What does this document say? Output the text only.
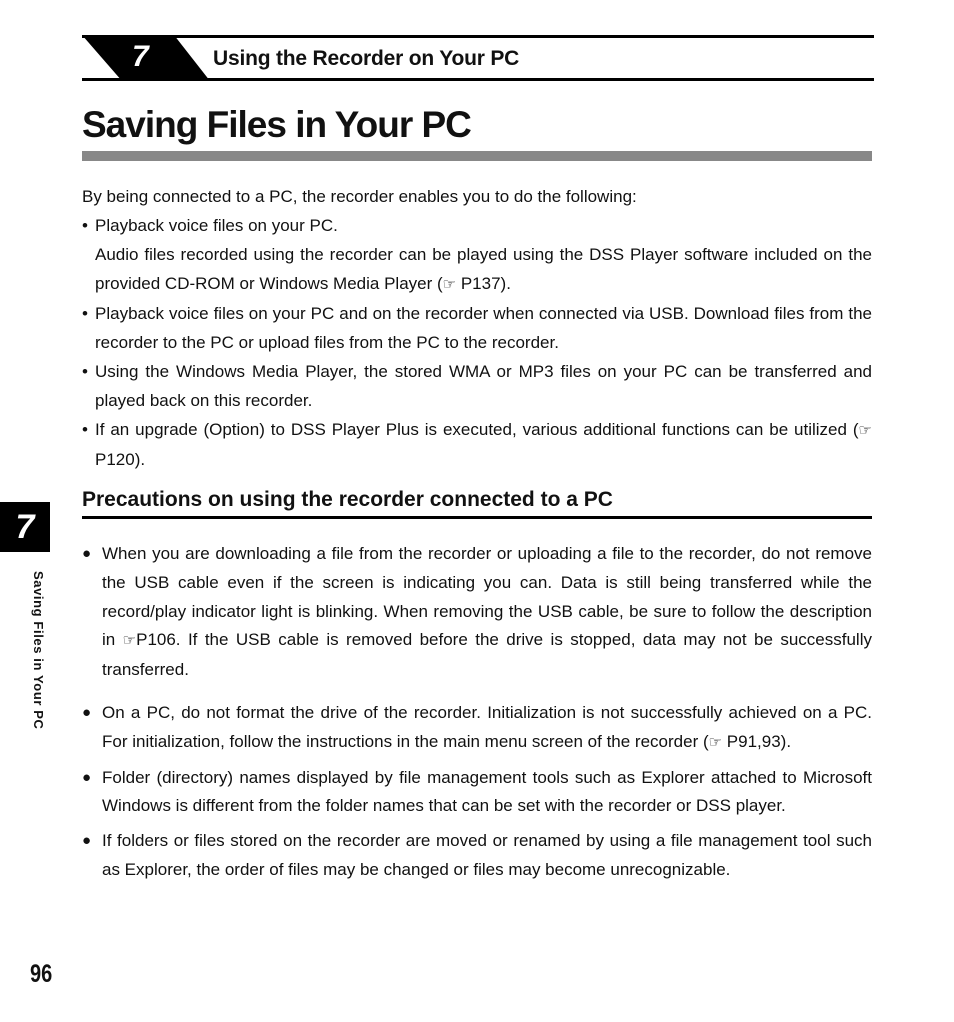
7	Using the Recorder on Your PC
Saving Files in Your PC

By being connected to a PC, the recorder enables you to do the following:

• Playback voice files on your PC.
Audio files recorded using the recorder can be played using the DSS Player software included on the provided CD-ROM or Windows Media Player (☞ P137).
• Playback voice files on your PC and on the recorder when connected via USB. Download files from the recorder to the PC or upload files from the PC to the recorder.
• Using the Windows Media Player, the stored WMA or MP3 files on your PC can be transferred and played back on this recorder.
• If an upgrade (Option) to DSS Player Plus is executed, various additional functions can be utilized (☞P120).
Precautions on using the recorder connected to a PC
● When you are downloading a file from the recorder or uploading a file to the recorder, do not remove the USB cable even if the screen is indicating you can. Data is still being transferred while the record/play indicator light is blinking. When removing the USB cable, be sure to follow the description in ☞P106. If the USB cable is removed before the drive is stopped, data may not be successfully transferred.
● On a PC, do not format the drive of the recorder. Initialization is not successfully achieved on a PC. For initialization, follow the instructions in the main menu screen of the recorder (☞ P91,93).
● Folder (directory) names displayed by file management tools such as Explorer attached to Microsoft Windows is different from the folder names that can be set with the recorder or DSS player.
● If folders or files stored on the recorder are moved or renamed by using a file management tool such as Explorer, the order of files may be changed or files may become unrecognizable.
7
Saving Files in Your PC
96
